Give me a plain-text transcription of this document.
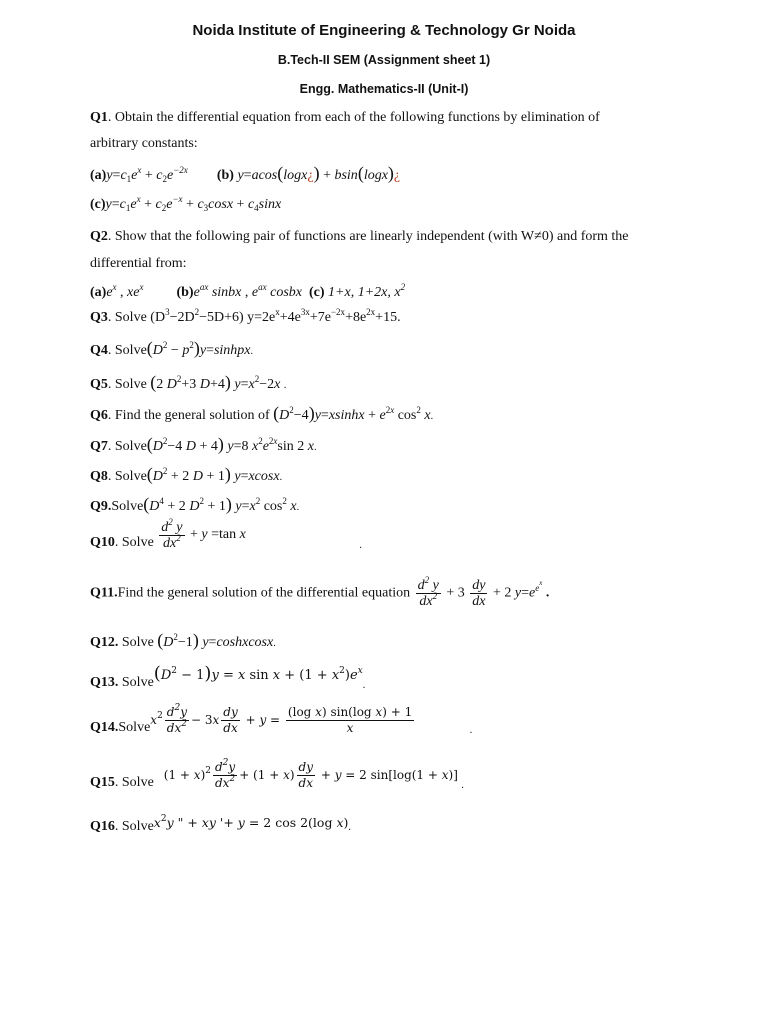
Noida Institute of Engineering & Technology Gr Noida
B.Tech-II SEM (Assignment sheet 1)
Engg. Mathematics-II (Unit-I)
Q1. Obtain the differential equation from each of the following functions by elimination of
arbitrary constants:
$(a)y=c_1e^x + c_2e^{-2x}$ (b) y=acos(logx¿) + bsin(logx)¿
$(c)y=c_1e^x + c_2e^{-x} + c_3\cos x + c_4\sin x$
Q2. Show that the following pair of functions are linearly independent (with W≠0) and form the
differential from:
$(a)e^x$ , $xe^x$ $(b)e^{ax}$ sinbx , $e^{ax}$ cosbx (c) 1+x, 1+2x, $x^2$
Q3. Solve $(D^3-2D^2-5D+6)$ $y=2e^x+4e^{3x}+7e^{-2x}+8e^{2x}+15$.
Q4. $Solve(D^2$ − $p^2)y=sinhpx$.
Q5. Solve (2 $D^2+3$ D+4) $y=x^2-2x$ .
Q6. Find the general solution of $(D^2-4)y=xsinhx + e^{2x}$ $\cos^2 x$.
Q7. $Solve(D^2-4$ D + 4) y=8 $x^2e^{2x}\sin$ 2 x.
Q8. $Solve(D^2 + 2$ D + 1) y=xcosx.
$Q9.Solve(D^4 + 2$ $D^2 + 1$) $y=x^2$ $\cos^2 x$.
Q10. Solve $\frac{d^2 y}{dx^2} + y =\tan$ x .
Q11.Find the general solution of the differential equation $\frac{d^2 y}{dx^2} + 3 \frac{dy}{dx} + 2$ $y=e^{e^x}$ .
Q12. Solve $(D^2-1)$ y=coshxcosx.
Q13. $Solve(D^2 - 1)y = x$ $\sin x + (1 + x^2)e^x$.
Q14.Solvex$^2$ $\frac{d^2y}{dx^2} - 3x \frac{dy}{dx} + y = \frac{\text{(log x) sin(log x) + 1}}{x}$	.
Q15. Solve $(1 + x)^2 \frac{d^2y}{dx^2} + (1 + x) \frac{dy}{dx} + y = 2$ sin[log(1 + x)] .
Q16. Solvex$^2$y " + xy '+ y = 2 cos 2(log x).
